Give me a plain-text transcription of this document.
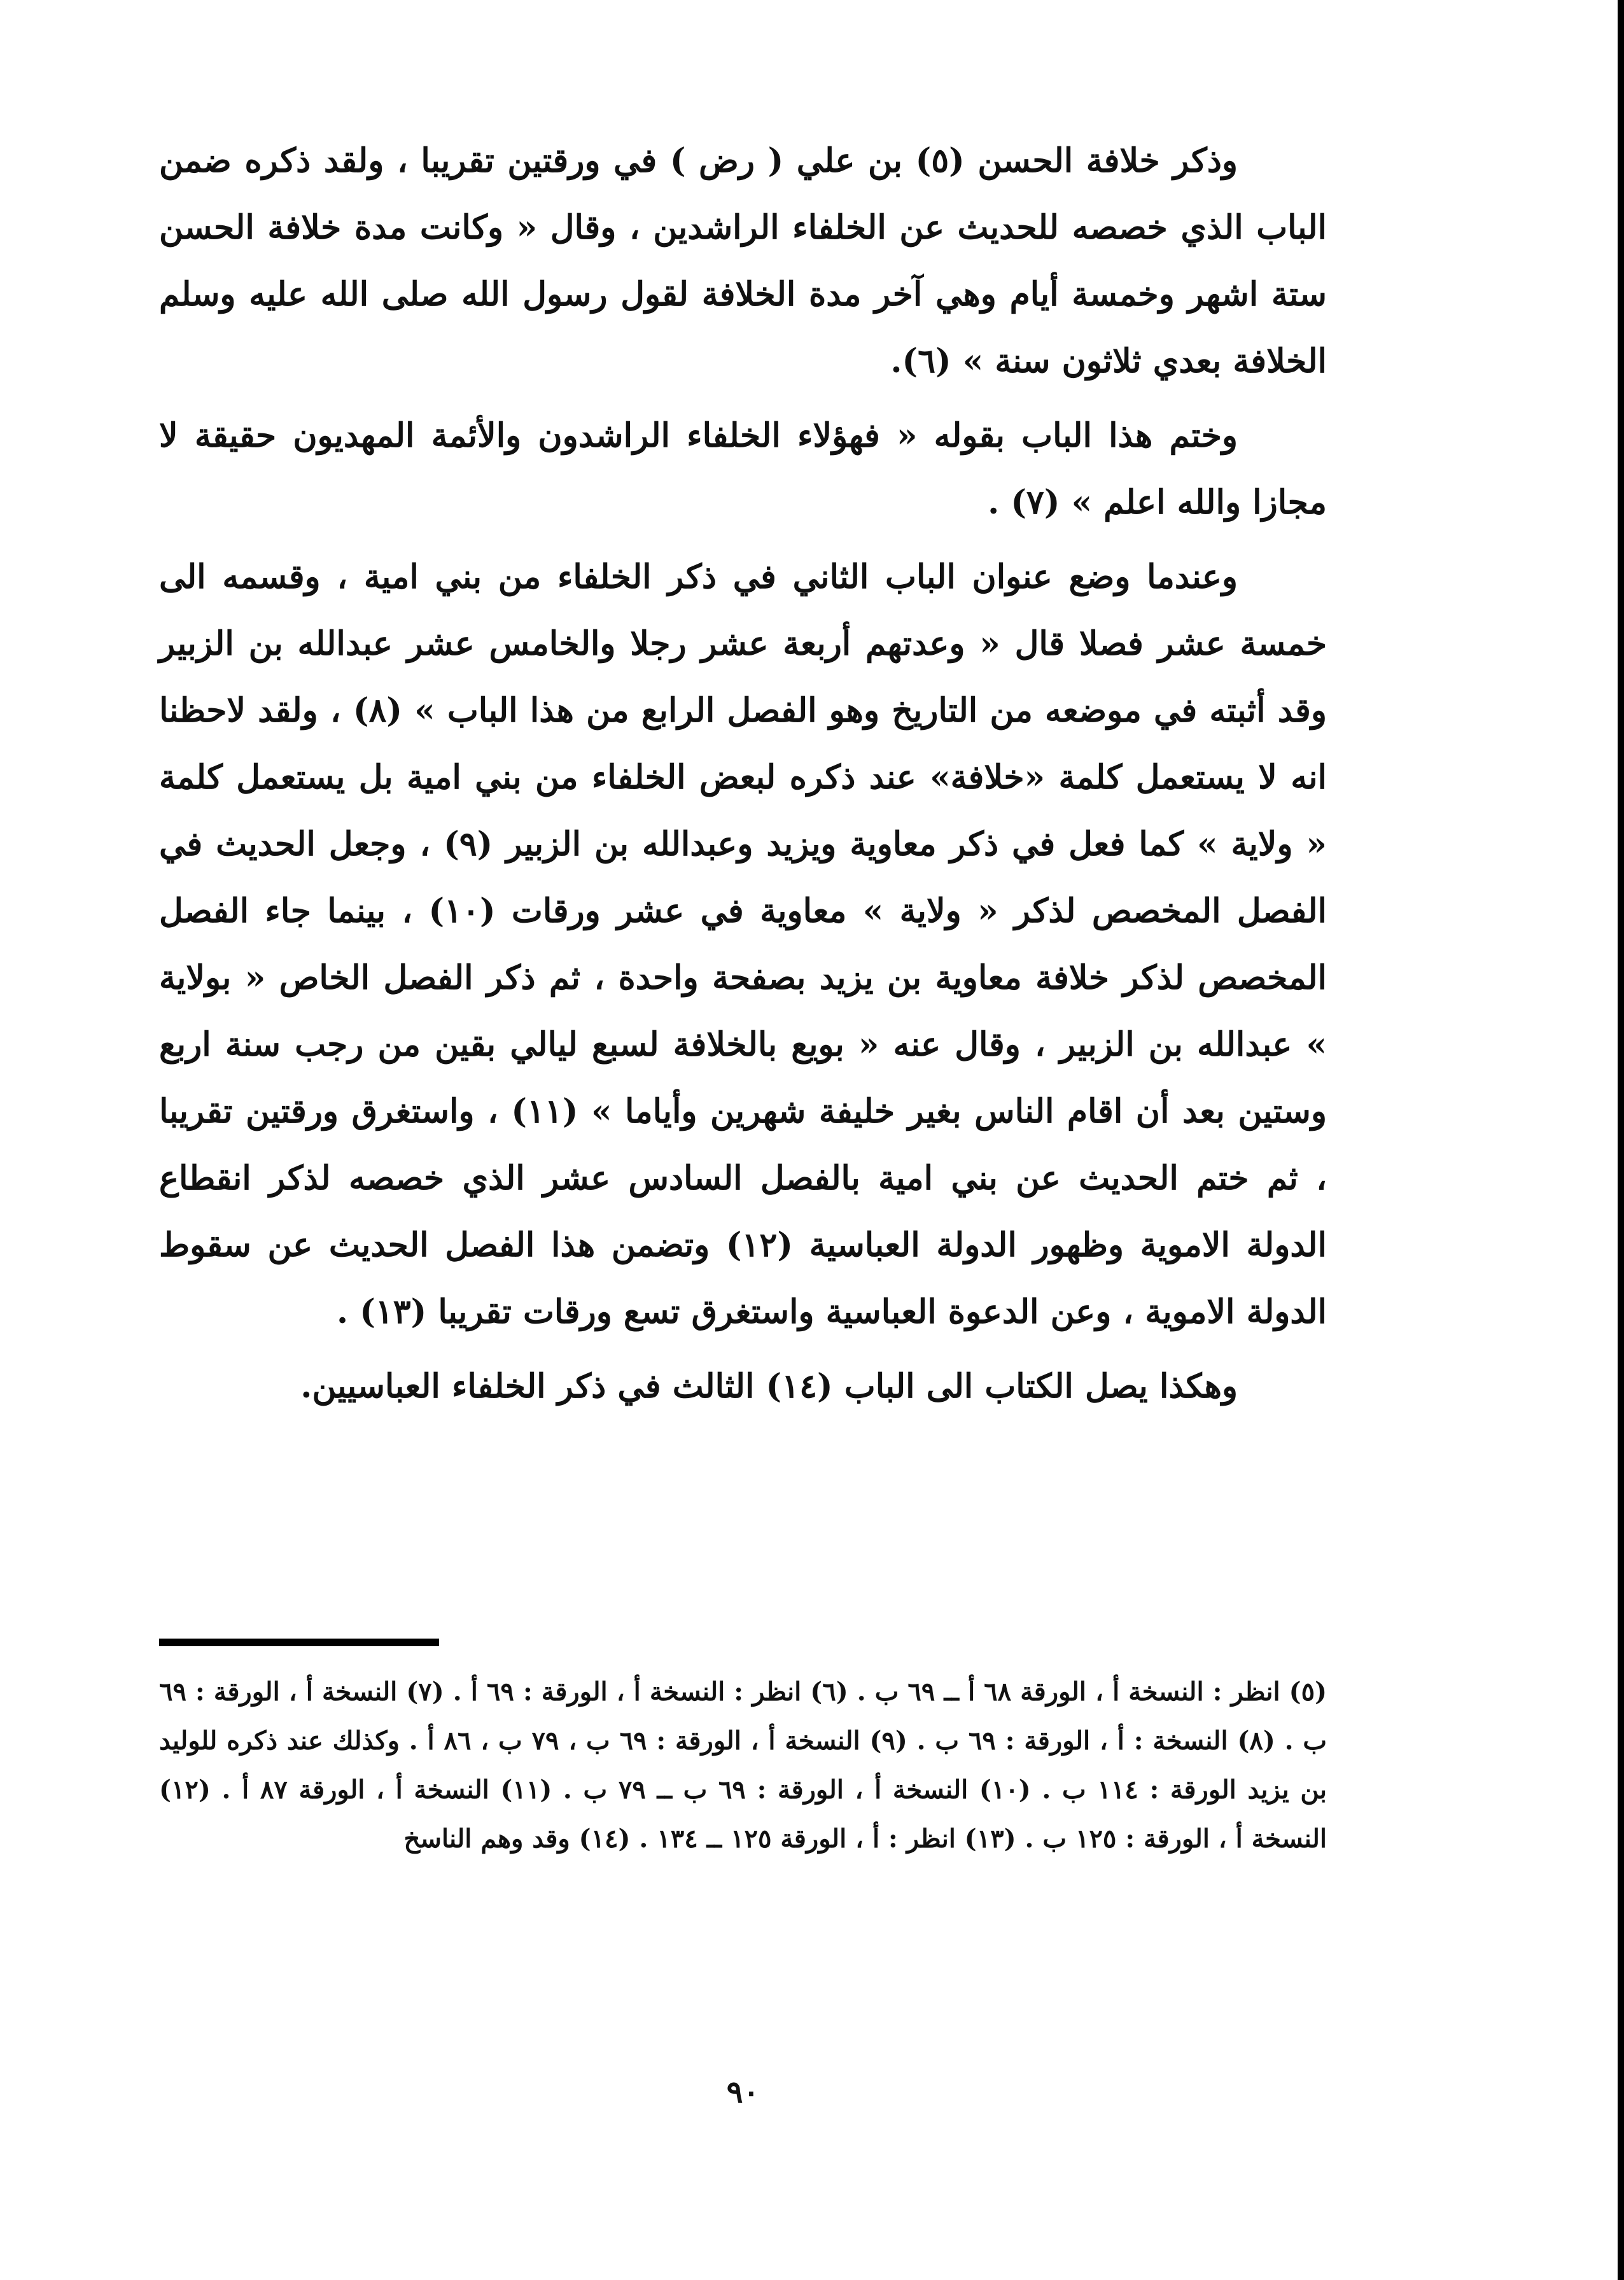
وذكر خلافة الحسن (٥) بن علي ( رض ) في ورقتين تقريبا ، ولقد ذكره ضمن الباب الذي خصصه للحديث عن الخلفاء الراشدين ، وقال « وكانت مدة خلافة الحسن ستة اشهر وخمسة أيام وهي آخر مدة الخلافة لقول رسول الله صلى الله عليه وسلم الخلافة بعدي ثلاثون سنة » (٦).

وختم هذا الباب بقوله « فهؤلاء الخلفاء الراشدون والأئمة المهديون حقيقة لا مجازا والله اعلم » (٧) .

وعندما وضع عنوان الباب الثاني في ذكر الخلفاء من بني امية ، وقسمه الى خمسة عشر فصلا قال « وعدتهم أربعة عشر رجلا والخامس عشر عبدالله بن الزبير وقد أثبته في موضعه من التاريخ وهو الفصل الرابع من هذا الباب » (٨) ، ولقد لاحظنا انه لا يستعمل كلمة «خلافة» عند ذكره لبعض الخلفاء من بني امية بل يستعمل كلمة « ولاية » كما فعل في ذكر معاوية ويزيد وعبدالله بن الزبير (٩) ، وجعل الحديث في الفصل المخصص لذكر « ولاية » معاوية في عشر ورقات (١٠) ، بينما جاء الفصل المخصص لذكر خلافة معاوية بن يزيد بصفحة واحدة ، ثم ذكر الفصل الخاص « بولاية » عبدالله بن الزبير ، وقال عنه « بويع بالخلافة لسبع ليالي بقين من رجب سنة اربع وستين بعد أن اقام الناس بغير خليفة شهرين وأياما » (١١) ، واستغرق ورقتين تقريبا ، ثم ختم الحديث عن بني امية بالفصل السادس عشر الذي خصصه لذكر انقطاع الدولة الاموية وظهور الدولة العباسية (١٢) وتضمن هذا الفصل الحديث عن سقوط الدولة الاموية ، وعن الدعوة العباسية واستغرق تسع ورقات تقريبا (١٣) .

وهكذا يصل الكتاب الى الباب (١٤) الثالث في ذكر الخلفاء العباسيين.

(٥) انظر : النسخة أ ، الورقة ٦٨ أ ــ ٦٩ ب . (٦) انظر : النسخة أ ، الورقة : ٦٩ أ . (٧) النسخة أ ، الورقة : ٦٩ ب . (٨) النسخة : أ ، الورقة : ٦٩ ب . (٩) النسخة أ ، الورقة : ٦٩ ب ، ٧٩ ب ، ٨٦ أ . وكذلك عند ذكره للوليد بن يزيد الورقة : ١١٤ ب . (١٠) النسخة أ ، الورقة : ٦٩ ب ــ ٧٩ ب . (١١) النسخة أ ، الورقة ٨٧ أ . (١٢) النسخة أ ، الورقة : ١٢٥ ب . (١٣) انظر : أ ، الورقة ١٢٥ ــ ١٣٤ . (١٤) وقد وهم الناسخ
٩٠
